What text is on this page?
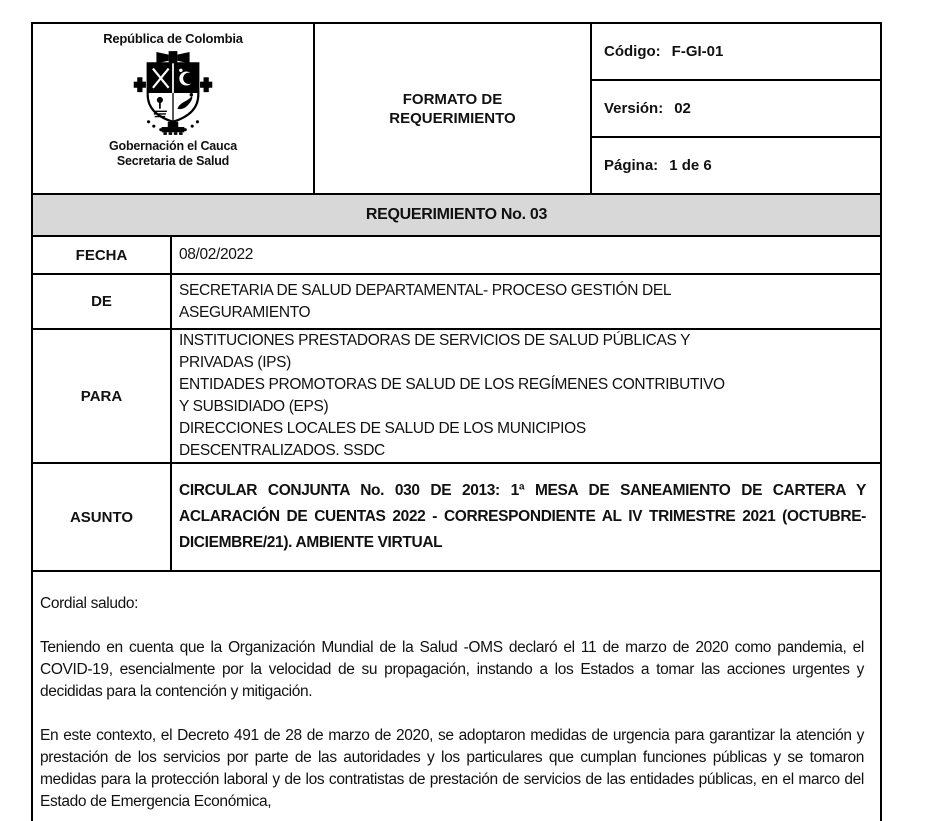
República de Colombia
Gobernación el Cauca
Secretaria de Salud
FORMATO DE REQUERIMIENTO
Código: F-GI-01
Versión: 02
Página: 1 de 6
REQUERIMIENTO No. 03
FECHA	08/02/2022
DE
SECRETARIA DE SALUD DEPARTAMENTAL- PROCESO GESTIÓN DEL
ASEGURAMIENTO
PARA
INSTITUCIONES PRESTADORAS DE SERVICIOS DE SALUD PÚBLICAS Y
PRIVADAS (IPS)
ENTIDADES PROMOTORAS DE SALUD DE LOS REGÍMENES CONTRIBUTIVO
Y SUBSIDIADO (EPS)
DIRECCIONES LOCALES DE SALUD DE LOS MUNICIPIOS
DESCENTRALIZADOS. SSDC
ASUNTO
CIRCULAR CONJUNTA No. 030 DE 2013: 1ª MESA DE SANEAMIENTO DE CARTERA Y ACLARACIÓN DE CUENTAS 2022 - CORRESPONDIENTE AL IV TRIMESTRE 2021 (OCTUBRE-DICIEMBRE/21). AMBIENTE VIRTUAL
Cordial saludo:

Teniendo en cuenta que la Organización Mundial de la Salud -OMS declaró el 11 de marzo de 2020 como pandemia, el COVID-19, esencialmente por la velocidad de su propagación, instando a los Estados a tomar las acciones urgentes y decididas para la contención y mitigación.

En este contexto, el Decreto 491 de 28 de marzo de 2020, se adoptaron medidas de urgencia para garantizar la atención y prestación de los servicios por parte de las autoridades y los particulares que cumplan funciones públicas y se tomaron medidas para la protección laboral y de los contratistas de prestación de servicios de las entidades públicas, en el marco del Estado de Emergencia Económica,
